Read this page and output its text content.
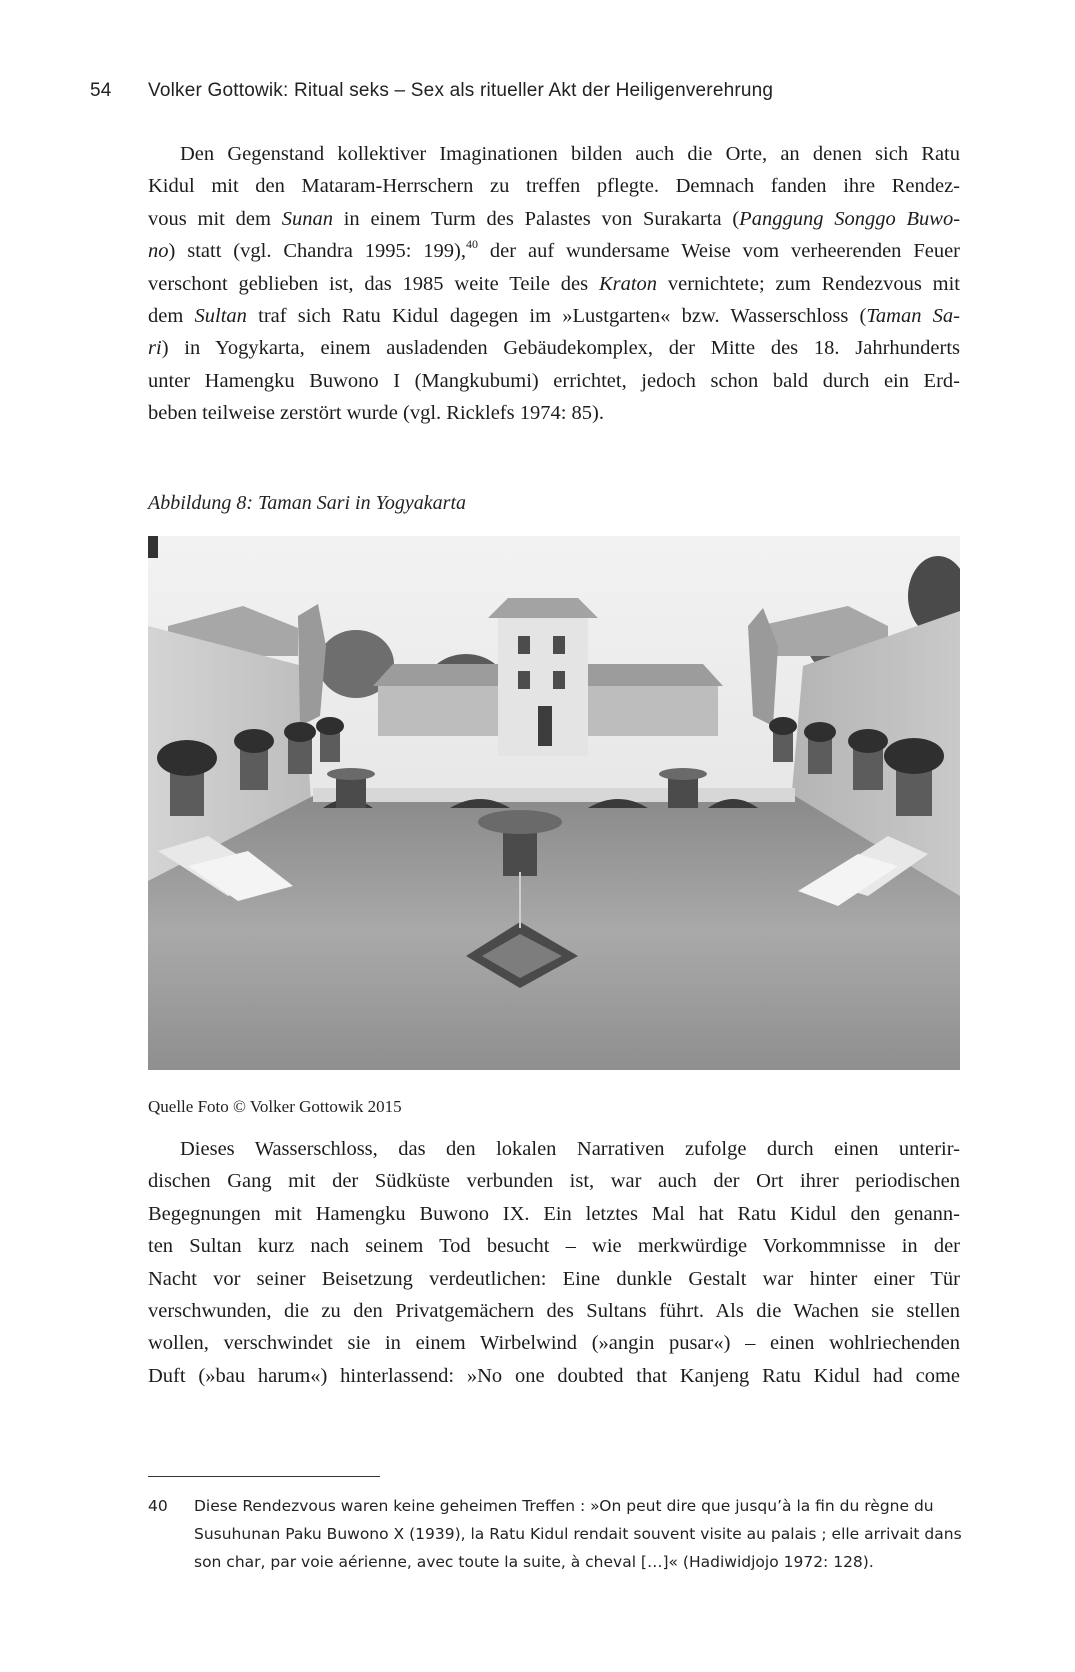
54 Volker Gottowik: Ritual seks – Sex als ritueller Akt der Heiligenverehrung
Den Gegenstand kollektiver Imaginationen bilden auch die Orte, an denen sich Ratu
Kidul mit den Mataram-Herrschern zu treffen pflegte. Demnach fanden ihre Rendez-
vous mit dem Sunan in einem Turm des Palastes von Surakarta (Panggung Songgo Buwo-
no) statt (vgl. Chandra 1995: 199),$^{40}$ der auf wundersame Weise vom verheerenden Feuer
verschont geblieben ist, das 1985 weite Teile des Kraton vernichtete; zum Rendezvous mit
dem Sultan traf sich Ratu Kidul dagegen im »Lustgarten« bzw. Wasserschloss (Taman Sa-
ri) in Yogykarta, einem ausladenden Gebäudekomplex, der Mitte des 18. Jahrhunderts
unter Hamengku Buwono I (Mangkubumi) errichtet, jedoch schon bald durch ein Erd-
beben teilweise zerstört wurde (vgl. Ricklefs 1974: 85).
Abbildung 8: Taman Sari in Yogyakarta
Quelle Foto © Volker Gottowik 2015
Dieses Wasserschloss, das den lokalen Narrativen zufolge durch einen unterir-
dischen Gang mit der Südküste verbunden ist, war auch der Ort ihrer periodischen
Begegnungen mit Hamengku Buwono IX. Ein letztes Mal hat Ratu Kidul den genann-
ten Sultan kurz nach seinem Tod besucht – wie merkwürdige Vorkommnisse in der
Nacht vor seiner Beisetzung verdeutlichen: Eine dunkle Gestalt war hinter einer Tür
verschwunden, die zu den Privatgemächern des Sultans führt. Als die Wachen sie stellen
wollen, verschwindet sie in einem Wirbelwind (»angin pusar«) – einen wohlriechenden
Duft (»bau harum«) hinterlassend: »No one doubted that Kanjeng Ratu Kidul had come
40 Diese Rendezvous waren keine geheimen Treffen : »On peut dire que jusqu’à la fin du règne du
Susuhunan Paku Buwono X (1939), la Ratu Kidul rendait souvent visite au palais ; elle arrivait dans
son char, par voie aérienne, avec toute la suite, à cheval […]« (Hadiwidjojo 1972: 128).
